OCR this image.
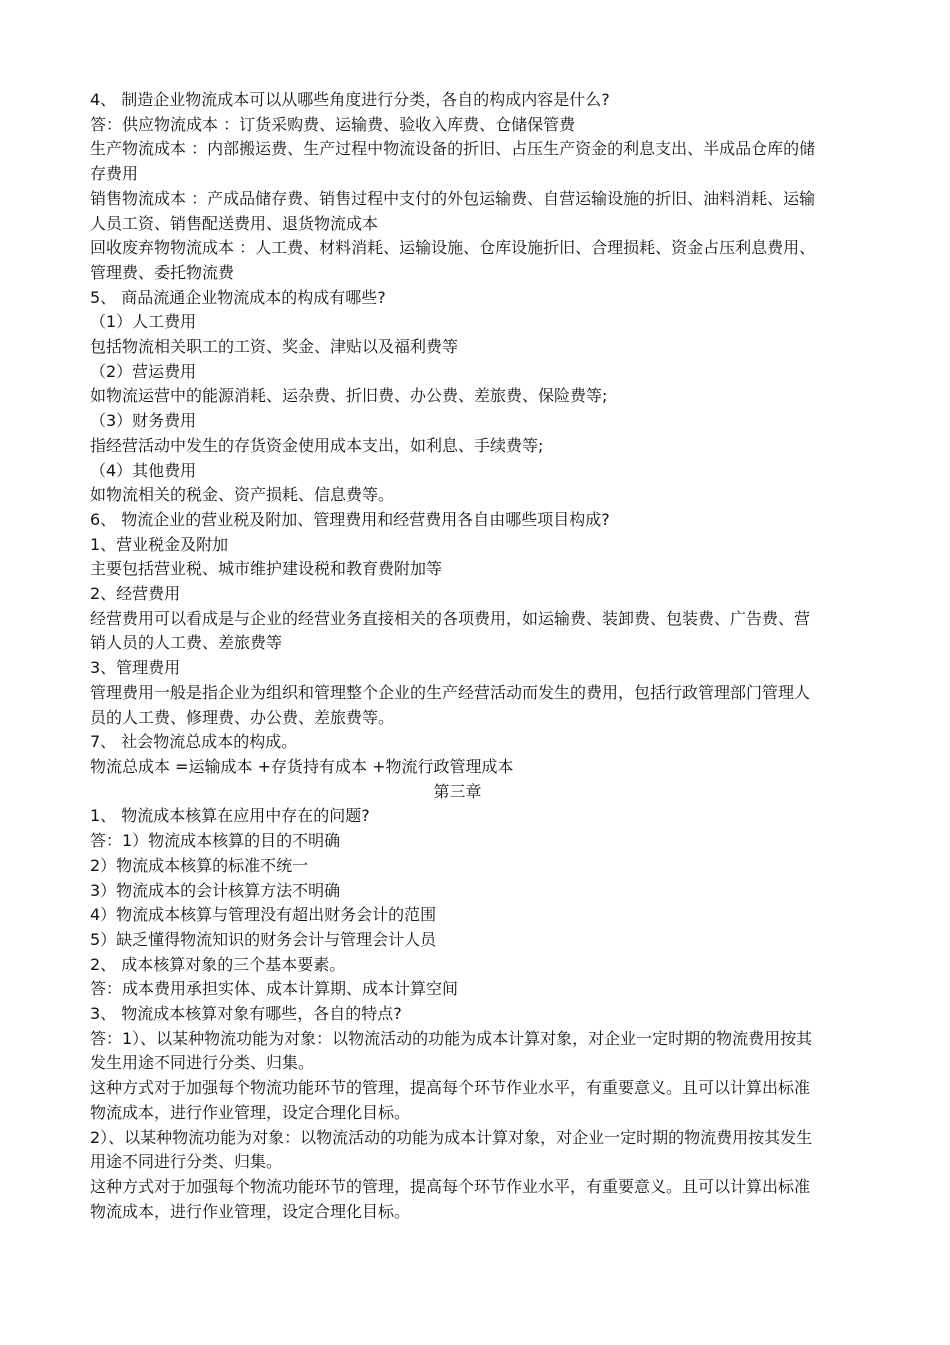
4、 制造企业物流成本可以从哪些角度进行分类，各自的构成内容是什么?

答：供应物流成本 ：订货采购费、运输费、验收入库费、仓储保管费

生产物流成本 ：内部搬运费、生产过程中物流设备的折旧、占压生产资金的利息支出、半成品仓库的储存费用

销售物流成本 ：产成品储存费、销售过程中支付的外包运输费、自营运输设施的折旧、油料消耗、运输人员工资、销售配送费用、退货物流成本

回收废弃物物流成本 ：人工费、材料消耗、运输设施、仓库设施折旧、合理损耗、资金占压利息费用、管理费、委托物流费

5、 商品流通企业物流成本的构成有哪些?

（1）人工费用

包括物流相关职工的工资、奖金、津贴以及福利费等

（2）营运费用

如物流运营中的能源消耗、运杂费、折旧费、办公费、差旅费、保险费等;

（3）财务费用

指经营活动中发生的存货资金使用成本支出，如利息、手续费等;

（4）其他费用

如物流相关的税金、资产损耗、信息费等。

6、 物流企业的营业税及附加、管理费用和经营费用各自由哪些项目构成?

1、营业税金及附加

主要包括营业税、城市维护建设税和教育费附加等

2、经营费用

经营费用可以看成是与企业的经营业务直接相关的各项费用，如运输费、装卸费、包装费、广告费、营销人员的人工费、差旅费等

3、管理费用

管理费用一般是指企业为组织和管理整个企业的生产经营活动而发生的费用，包括行政管理部门管理人员的人工费、修理费、办公费、差旅费等。

7、 社会物流总成本的构成。

物流总成本 =运输成本 +存货持有成本 +物流行政管理成本

第三章

1、 物流成本核算在应用中存在的问题?

答：1）物流成本核算的目的不明确

2）物流成本核算的标准不统一

3）物流成本的会计核算方法不明确

4）物流成本核算与管理没有超出财务会计的范围

5）缺乏懂得物流知识的财务会计与管理会计人员

2、 成本核算对象的三个基本要素。

答：成本费用承担实体、成本计算期、成本计算空间

3、 物流成本核算对象有哪些，各自的特点?

答：1）、以某种物流功能为对象：以物流活动的功能为成本计算对象，对企业一定时期的物流费用按其发生用途不同进行分类、归集。

这种方式对于加强每个物流功能环节的管理，提高每个环节作业水平，有重要意义。且可以计算出标准物流成本，进行作业管理，设定合理化目标。

2）、以某种物流功能为对象：以物流活动的功能为成本计算对象，对企业一定时期的物流费用按其发生用途不同进行分类、归集。

这种方式对于加强每个物流功能环节的管理，提高每个环节作业水平，有重要意义。且可以计算出标准物流成本，进行作业管理，设定合理化目标。
